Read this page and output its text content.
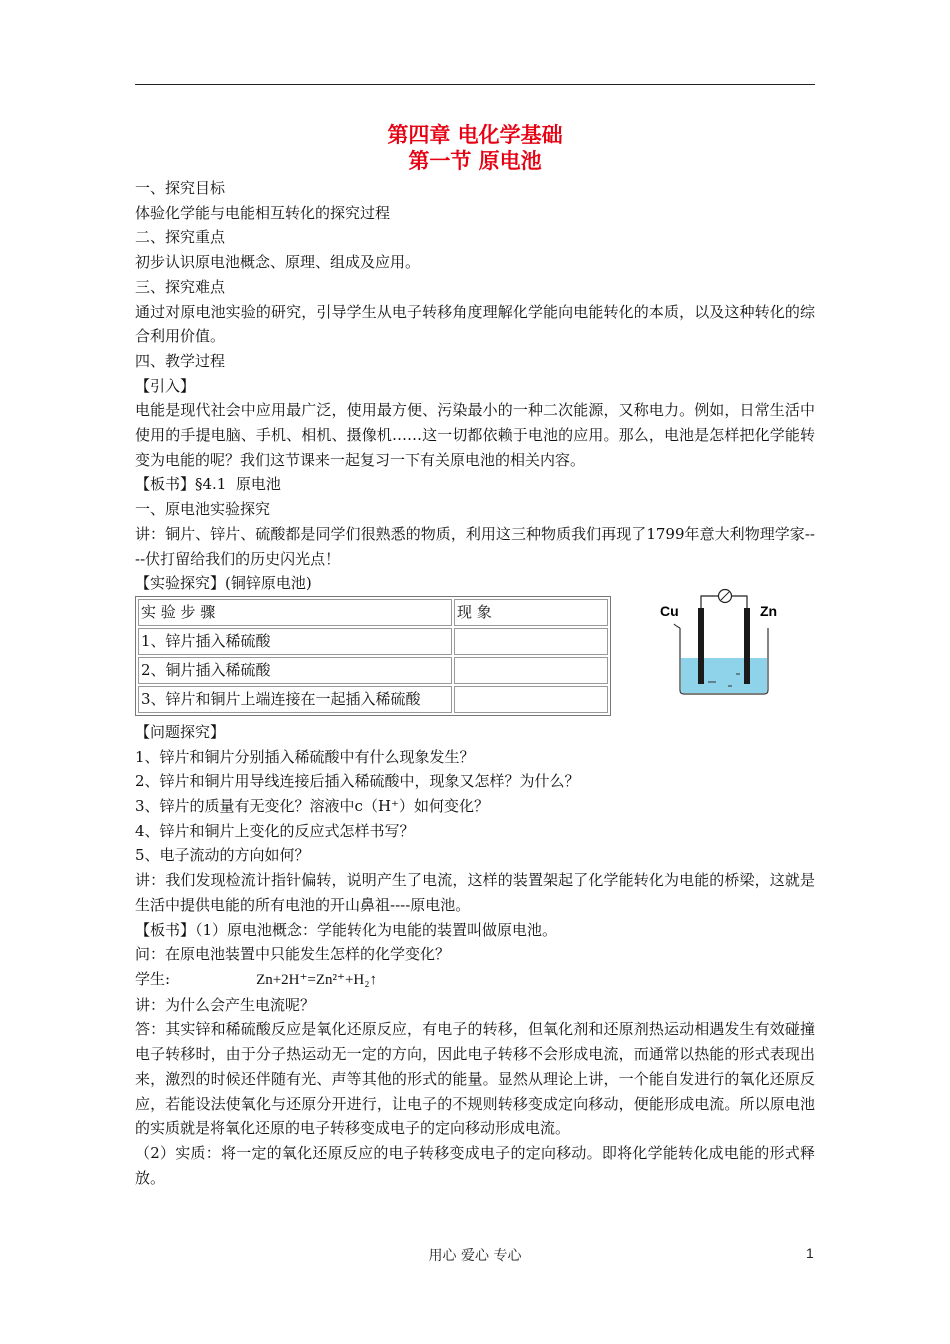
第四章 电化学基础
第一节 原电池

一、探究目标

体验化学能与电能相互转化的探究过程

二、探究重点

初步认识原电池概念、原理、组成及应用。

三、探究难点

通过对原电池实验的研究，引导学生从电子转移角度理解化学能向电能转化的本质，以及这种转化的综合利用价值。

四、教学过程

【引入】

电能是现代社会中应用最广泛，使用最方便、污染最小的一种二次能源，又称电力。例如，日常生活中使用的手提电脑、手机、相机、摄像机……这一切都依赖于电池的应用。那么，电池是怎样把化学能转变为电能的呢？我们这节课来一起复习一下有关原电池的相关内容。

【板书】§4.1  原电池

一、原电池实验探究

讲：铜片、锌片、硫酸都是同学们很熟悉的物质，利用这三种物质我们再现了1799年意大利物理学家----伏打留给我们的历史闪光点！

【实验探究】(铜锌原电池)

实 验 步 骤	现 象
1、锌片插入稀硫酸	
2、铜片插入稀硫酸	
3、锌片和铜片上端连接在一起插入稀硫酸	
Cu	Zn

【问题探究】

1、锌片和铜片分别插入稀硫酸中有什么现象发生？

2、锌片和铜片用导线连接后插入稀硫酸中，现象又怎样？为什么？

3、锌片的质量有无变化？溶液中c（H⁺）如何变化？

4、锌片和铜片上变化的反应式怎样书写？

5、电子流动的方向如何？

讲：我们发现检流计指针偏转，说明产生了电流，这样的装置架起了化学能转化为电能的桥梁，这就是生活中提供电能的所有电池的开山鼻祖----原电池。

【板书】（1）原电池概念：学能转化为电能的装置叫做原电池。

问：在原电池装置中只能发生怎样的化学变化？

学生:	Zn+2H⁺=Zn²⁺+H₂↑

讲：为什么会产生电流呢？

答：其实锌和稀硫酸反应是氧化还原反应，有电子的转移，但氧化剂和还原剂热运动相遇发生有效碰撞电子转移时，由于分子热运动无一定的方向，因此电子转移不会形成电流，而通常以热能的形式表现出来，激烈的时候还伴随有光、声等其他的形式的能量。显然从理论上讲，一个能自发进行的氧化还原反应，若能设法使氧化与还原分开进行，让电子的不规则转移变成定向移动，便能形成电流。所以原电池的实质就是将氧化还原的电子转移变成电子的定向移动形成电流。

（2）实质：将一定的氧化还原反应的电子转移变成电子的定向移动。即将化学能转化成电能的形式释放。

用心 爱心 专心	1
